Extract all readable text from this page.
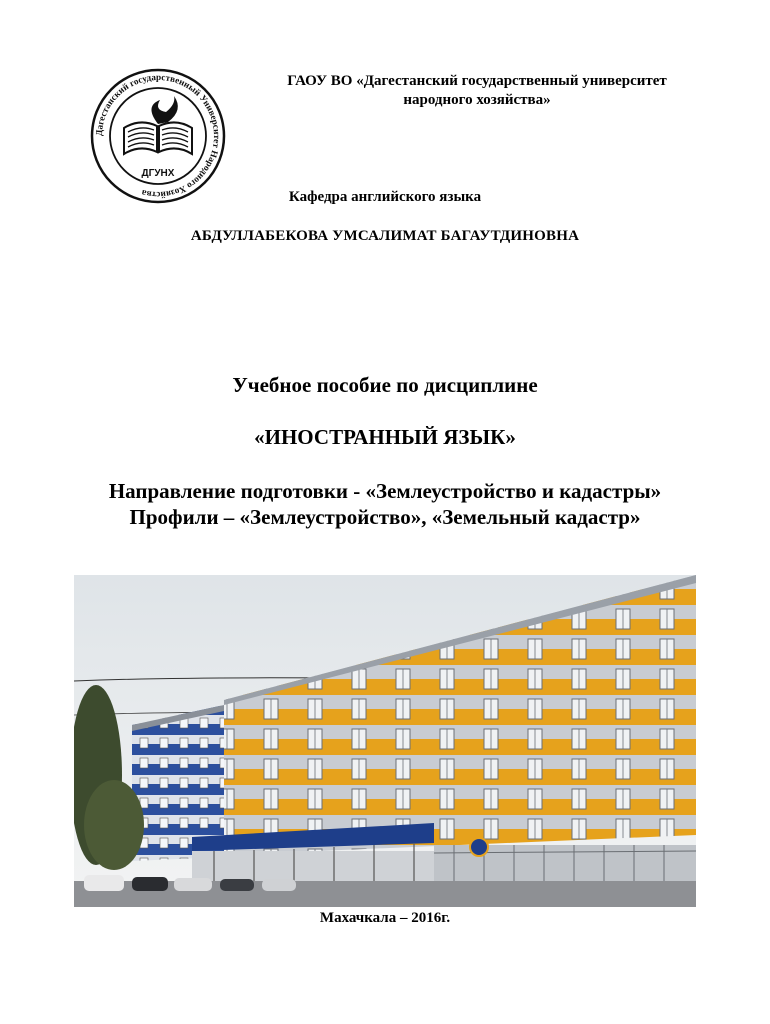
Дагестанский государственный Университет Народного Хозяйства
ДГУНХ
ГАОУ ВО «Дагестанский государственный университет
народного хозяйства»
Кафедра английского языка
АБДУЛЛАБЕКОВА УМСАЛИМАТ БАГАУТДИНОВНА
Учебное пособие по дисциплине
«ИНОСТРАННЫЙ ЯЗЫК»
Направление подготовки - «Землеустройство и кадастры»
Профили – «Землеустройство», «Земельный кадастр»
Махачкала – 2016г.
